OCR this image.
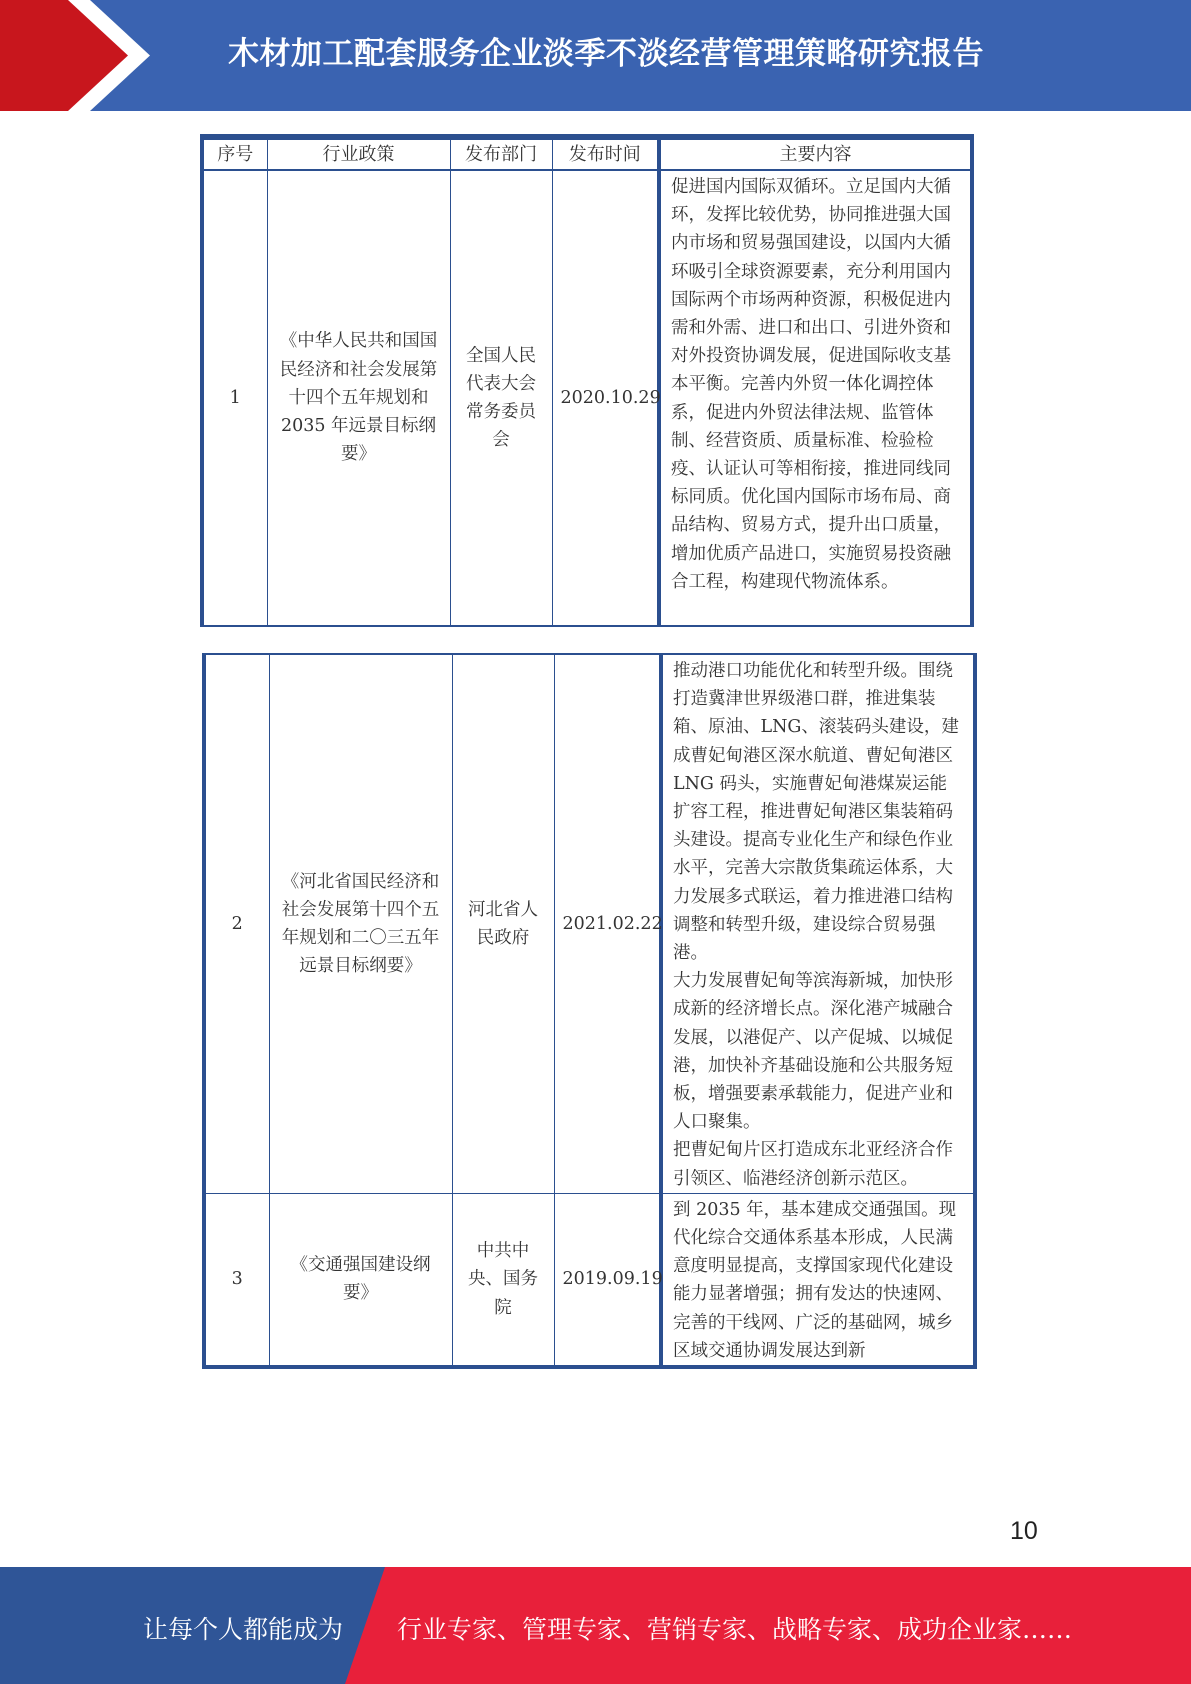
木材加工配套服务企业淡季不淡经营管理策略研究报告
序号	行业政策	发布部门	发布时间	主要内容
1	《中华人民共和国国民经济和社会发展第十四个五年规划和 2035 年远景目标纲要》	全国人民代表大会常务委员会	2020.10.29	促进国内国际双循环。立足国内大循环，发挥比较优势，协同推进强大国内市场和贸易强国建设，以国内大循环吸引全球资源要素，充分利用国内国际两个市场两种资源，积极促进内需和外需、进口和出口、引进外资和对外投资协调发展，促进国际收支基本平衡。完善内外贸一体化调控体系，促进内外贸法律法规、监管体制、经营资质、质量标准、检验检疫、认证认可等相衔接，推进同线同标同质。优化国内国际市场布局、商品结构、贸易方式，提升出口质量，增加优质产品进口，实施贸易投资融合工程，构建现代物流体系。
2	《河北省国民经济和社会发展第十四个五年规划和二〇三五年远景目标纲要》	河北省人民政府	2021.02.22	推动港口功能优化和转型升级。围绕打造冀津世界级港口群，推进集装箱、原油、LNG、滚装码头建设，建成曹妃甸港区深水航道、曹妃甸港区 LNG 码头，实施曹妃甸港煤炭运能扩容工程，推进曹妃甸港区集装箱码头建设。提高专业化生产和绿色作业水平，完善大宗散货集疏运体系，大力发展多式联运，着力推进港口结构调整和转型升级，建设综合贸易强港。
大力发展曹妃甸等滨海新城，加快形成新的经济增长点。深化港产城融合发展，以港促产、以产促城、以城促港，加快补齐基础设施和公共服务短板，增强要素承载能力，促进产业和人口聚集。
把曹妃甸片区打造成东北亚经济合作引领区、临港经济创新示范区。

3	《交通强国建设纲要》	中共中央、国务院	2019.09.19	到 2035 年，基本建成交通强国。现代化综合交通体系基本形成，人民满意度明显提高，支撑国家现代化建设能力显著增强；拥有发达的快速网、完善的干线网、广泛的基础网，城乡区域交通协调发展达到新
10
让每个人都能成为 行业专家、管理专家、营销专家、战略专家、成功企业家……
